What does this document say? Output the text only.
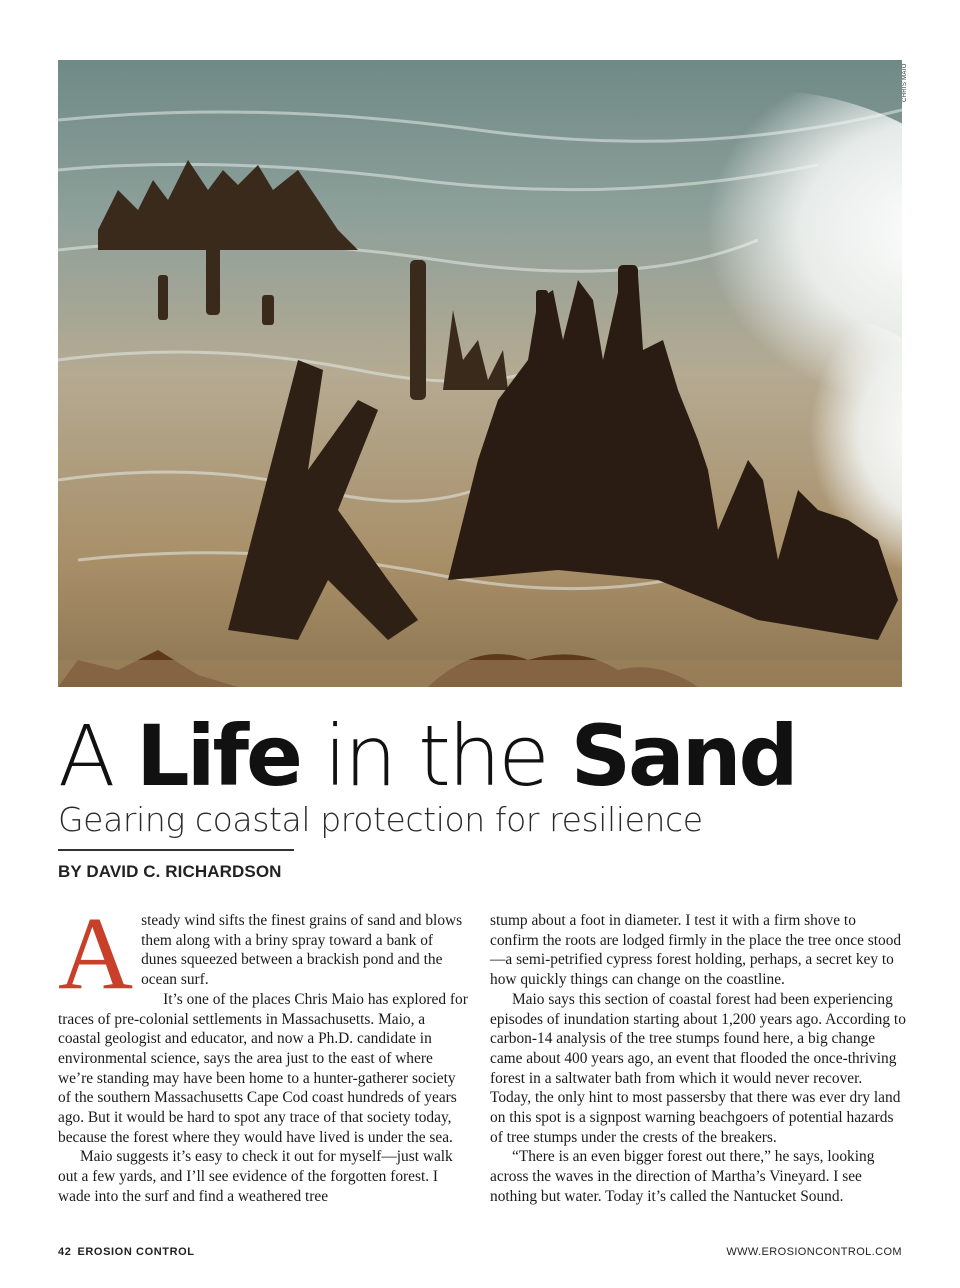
CHRIS MAIO
A Life in the Sand
Gearing coastal protection for resilience
BY DAVID C. RICHARDSON
A steady wind sifts the finest grains of sand and blows them along with a briny spray toward a bank of dunes squeezed between a brackish pond and the ocean surf.

It’s one of the places Chris Maio has explored for traces of pre-colonial settlements in Massachusetts. Maio, a coastal geologist and educator, and now a Ph.D. candidate in environmental science, says the area just to the east of where we’re standing may have been home to a hunter-gatherer society of the southern Massachusetts Cape Cod coast hundreds of years ago. But it would be hard to spot any trace of that society today, because the forest where they would have lived is under the sea.

Maio suggests it’s easy to check it out for myself—just walk out a few yards, and I’ll see evidence of the forgotten forest. I wade into the surf and find a weathered tree

stump about a foot in diameter. I test it with a firm shove to confirm the roots are lodged firmly in the place the tree once stood—a semi-petrified cypress forest holding, perhaps, a secret key to how quickly things can change on the coastline.

Maio says this section of coastal forest had been experiencing episodes of inundation starting about 1,200 years ago. According to carbon-14 analysis of the tree stumps found here, a big change came about 400 years ago, an event that flooded the once-thriving forest in a saltwater bath from which it would never recover. Today, the only hint to most passersby that there was ever dry land on this spot is a signpost warning beachgoers of potential hazards of tree stumps under the crests of the breakers.

“There is an even bigger forest out there,” he says, looking across the waves in the direction of Martha’s Vineyard. I see nothing but water. Today it’s called the Nantucket Sound.

42 EROSION CONTROL	WWW.EROSIONCONTROL.COM
